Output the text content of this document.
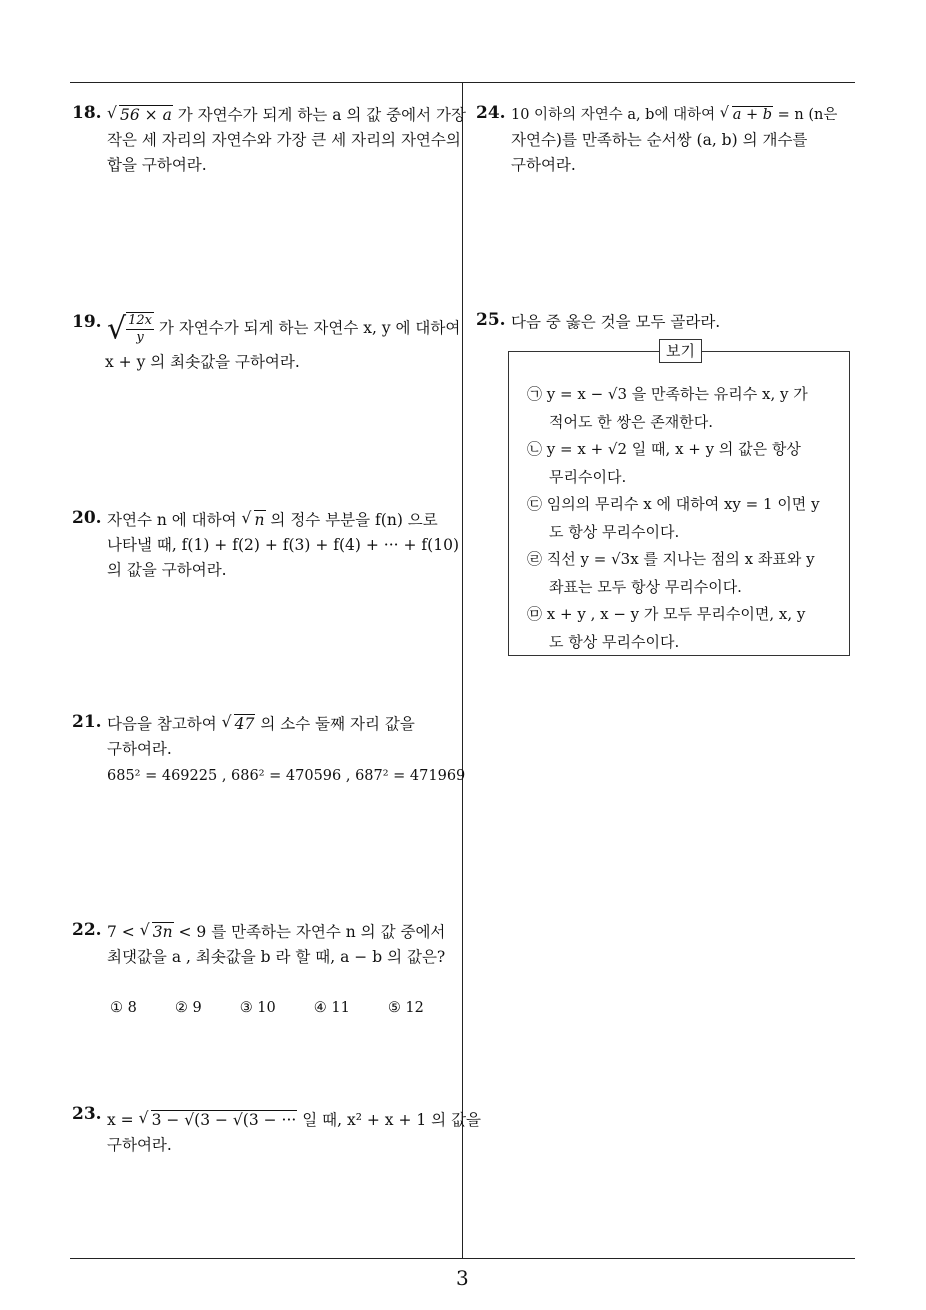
18. √ 56 × a 가 자연수가 되게 하는 a 의 값 중에서 가장
작은 세 자리의 자연수와 가장 큰 세 자리의 자연수의
합을 구하여라.
19. √ $\frac{12x}{y}$ 가 자연수가 되게 하는 자연수 x, y 에 대하여
x + y 의 최솟값을 구하여라.
20. 자연수 n 에 대하여 √ n 의 정수 부분을 f(n) 으로
나타낼 때, f(1) + f(2) + f(3) + f(4) + ··· + f(10)
의 값을 구하여라.
21. 다음을 참고하여 √ 47 의 소수 둘째 자리 값을
구하여라.
685² = 469225 , 686² = 470596 , 687² = 471969
22. 7 < √ 3n < 9 를 만족하는 자연수 n 의 값 중에서
최댓값을 a , 최솟값을 b 라 할 때, a − b 의 값은?
① 8	② 9	③ 10	④ 11	⑤ 12
23. x = √ 3 − √(3 − √(3 − ··· 일 때, x² + x + 1 의 값을
구하여라.
24. 10 이하의 자연수 a, b에 대하여 √ a + b = n (n은
자연수)를 만족하는 순서쌍 (a, b) 의 개수를
구하여라.
25. 다음 중 옳은 것을 모두 골라라.
보기
㉠ y = x − √3 을 만족하는 유리수 x, y 가
적어도 한 쌍은 존재한다.
㉡ y = x + √2 일 때, x + y 의 값은 항상
무리수이다.
㉢ 임의의 무리수 x 에 대하여 xy = 1 이면 y
도 항상 무리수이다.
㉣ 직선 y = √3x 를 지나는 점의 x 좌표와 y
좌표는 모두 항상 무리수이다.
㉤ x + y , x − y 가 모두 무리수이면, x, y
도 항상 무리수이다.
3
